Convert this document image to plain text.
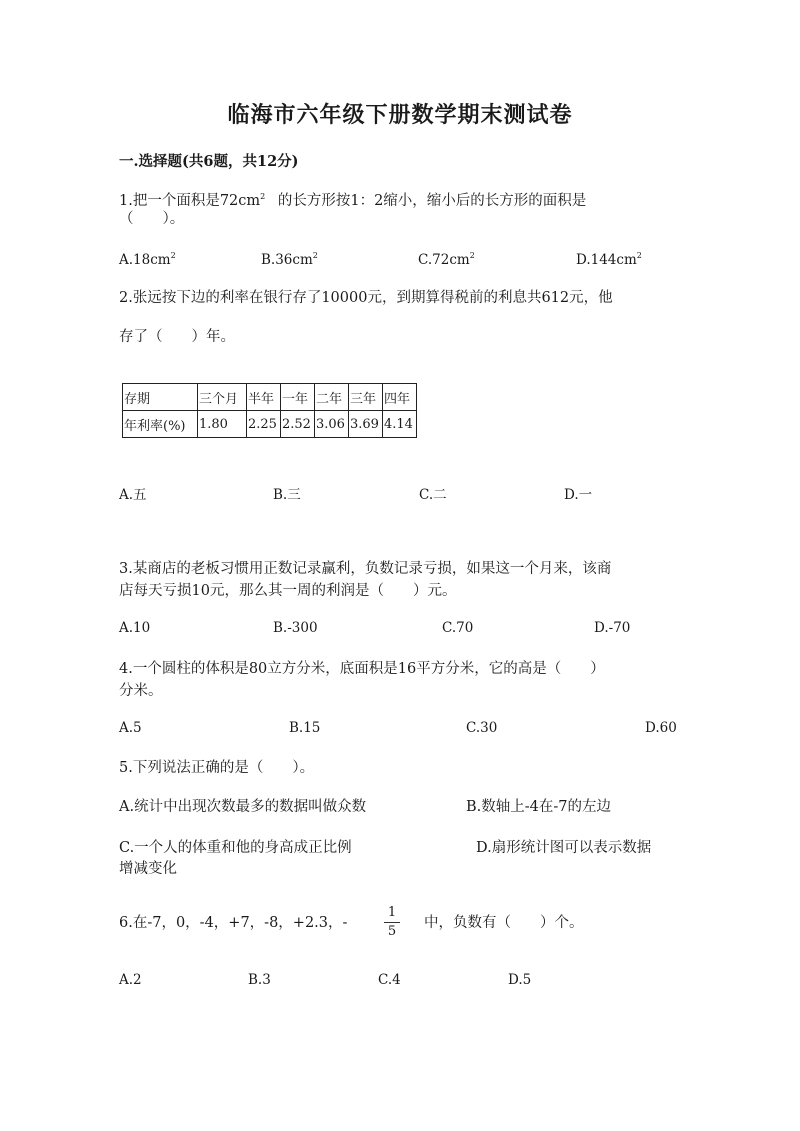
临海市六年级下册数学期末测试卷
一.选择题(共6题，共12分)
1.把一个面积是$72cm^2$ 的长方形按1：2缩小，缩小后的长方形的面积是
（　　）。
$A.18cm^2$	$B.36cm^2$	$C.72cm^2$	$D.144cm^2$
2.张远按下边的利率在银行存了10000元，到期算得税前的利息共612元，他
存了（　　）年。
存期	三个月	半年	一年	二年	三年	四年
年利率(%)	1.80	2.25	2.52	3.06	3.69	4.14
A.五	B.三	C.二	D.一
3.某商店的老板习惯用正数记录赢利，负数记录亏损，如果这一个月来，该商
店每天亏损10元，那么其一周的利润是（　　）元。
A.10	B.-300	C.70	D.-70
4.一个圆柱的体积是80立方分米，底面积是16平方分米，它的高是（　　）
分米。
A.5	B.15	C.30	D.60
5.下列说法正确的是（　　）。
A.统计中出现次数最多的数据叫做众数	B.数轴上-4在-7的左边
C.一个人的体重和他的身高成正比例	D.扇形统计图可以表示数据
增减变化
6.在-7，0，-4，+7，-8，+2.3，-
1
5
中，负数有（　　）个。
A.2	B.3	C.4	D.5
